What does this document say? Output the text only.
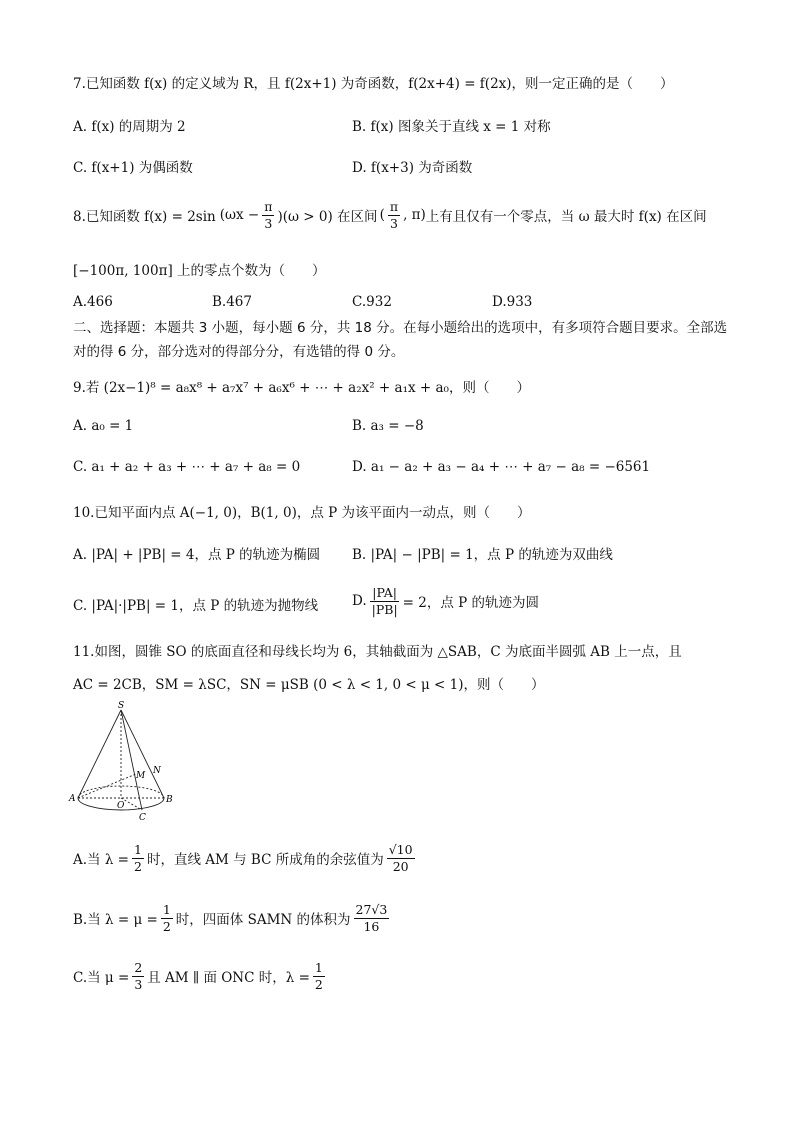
7.已知函数 f(x) 的定义域为 R，且 f(2x+1) 为奇函数，f(2x+4) = f(2x)，则一定正确的是（　　）
A. f(x) 的周期为 2	B. f(x) 图象关于直线 x = 1 对称
C. f(x+1) 为偶函数	D. f(x+3) 为奇函数
8.已知函数 f(x) = 2sin $(\omega x - \frac{\pi}{3} )(\omega > 0)$ 在区间 ( $\frac{\pi}{3}$ , π) 上有且仅有一个零点，当 ω 最大时 f(x) 在区间
[−100π, 100π] 上的零点个数为（　　）
A.466	B.467	C.932	D.933
二、选择题：本题共 3 小题，每小题 6 分，共 18 分。在每小题给出的选项中，有多项符合题目要求。全部选对的得 6 分，部分选对的得部分分，有选错的得 0 分。
9.若 (2x−1)⁸ = a₈x⁸ + a₇x⁷ + a₆x⁶ + ⋯ + a₂x² + a₁x + a₀，则（　　）
A. a₀ = 1	B. a₃ = −8
C. a₁ + a₂ + a₃ + ⋯ + a₇ + a₈ = 0	D. a₁ − a₂ + a₃ − a₄ + ⋯ + a₇ − a₈ = −6561
10.已知平面内点 A(−1, 0)，B(1, 0)，点 P 为该平面内一动点，则（　　）
A. |PA| + |PB| = 4，点 P 的轨迹为椭圆 B. |PA| − |PB| = 1，点 P 的轨迹为双曲线
C. |PA|·|PB| = 1，点 P 的轨迹为抛物线	D. $\frac{|PA|}{|PB|} = 2$，点 P 的轨迹为圆
11.如图，圆锥 SO 的底面直径和母线长均为 6，其轴截面为 △SAB，C 为底面半圆弧 AB 上一点，且
AC = 2CB，SM = λSC，SN = μSB (0 < λ < 1, 0 < μ < 1)，则（　　）
S
M N
A
O
B
C
A.当 $\lambda = \frac{1}{2}$ 时，直线 AM 与 BC 所成角的余弦值为 $\frac{√10}{20}$
B.当 $\lambda = \mu = \frac{1}{2}$ 时，四面体 SAMN 的体积为 $\frac{27√3}{16}$
C.当 $\mu = \frac{2}{3}$ 且 AM ∥ 面 ONC 时，$\lambda = \frac{1}{2}$
